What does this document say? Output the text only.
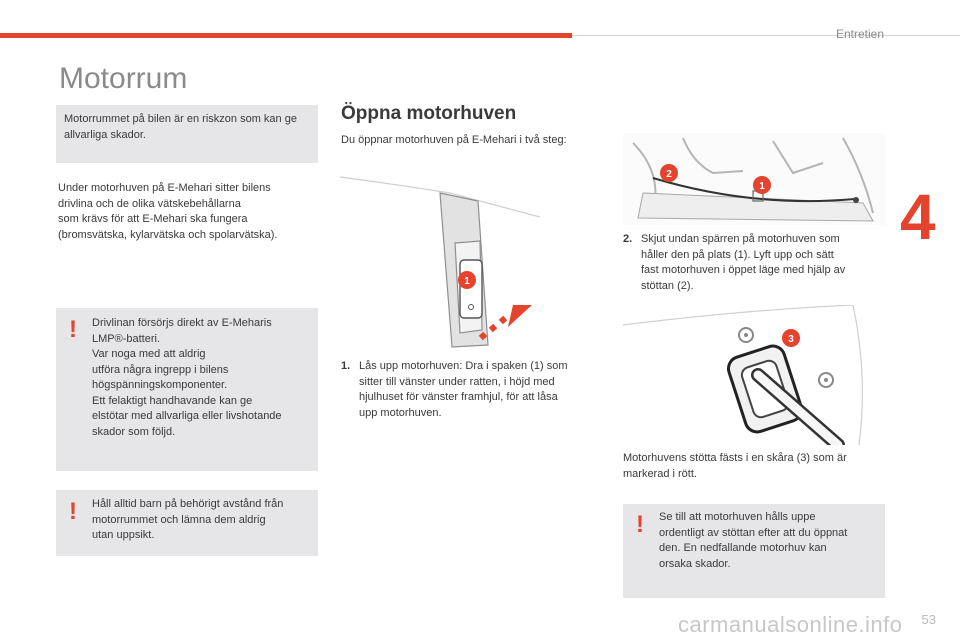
Entretien
4
Motorrum

Motorrummet på bilen är en riskzon som kan ge allvarliga skador.

Under motorhuven på E-Mehari sitter bilens
drivlina och de olika vätskebehållarna
som krävs för att E-Mehari ska fungera
(bromsvätska, kylarvätska och spolarvätska).

! Drivlinan försörjs direkt av E-Meharis
LMP®-batteri.
Var noga med att aldrig
utföra några ingrepp i bilens
högspänningskomponenter.
Ett felaktigt handhavande kan ge
elstötar med allvarliga eller livshotande
skador som följd.
! Håll alltid barn på behörigt avstånd från
motorrummet och lämna dem aldrig
utan uppsikt.
Öppna motorhuven
Du öppnar motorhuven på E-Mehari i två steg:
1
1. Lås upp motorhuven: Dra i spaken (1) som
sitter till vänster under ratten, i höjd med
hjulhuset för vänster framhjul, för att låsa
upp motorhuven.
2
1
2. Skjut undan spärren på motorhuven som
håller den på plats (1). Lyft upp och sätt
fast motorhuven i öppet läge med hjälp av
stöttan (2).
3
Motorhuvens stötta fästs i en skåra (3) som är
markerad i rött.
! Se till att motorhuven hålls uppe
ordentligt av stöttan efter att du öppnat
den. En nedfallande motorhuv kan
orsaka skador.
carmanualsonline.info 53
